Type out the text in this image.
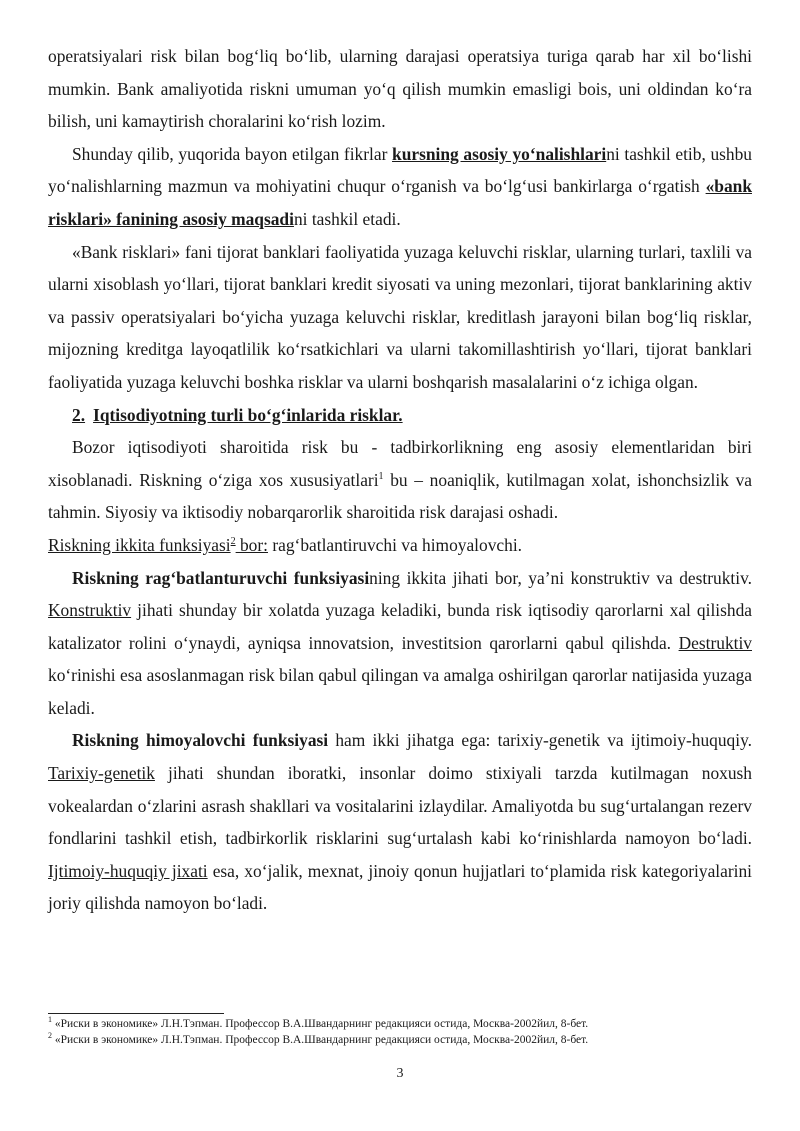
operatsiyalari risk bilan bog‘liq bo‘lib, ularning darajasi operatsiya turiga qarab har xil bo‘lishi mumkin. Bank amaliyotida riskni umuman yo‘q qilish mumkin emasligi bois, uni oldindan ko‘ra bilish, uni kamaytirish choralarini ko‘rish lozim.

Shunday qilib, yuqorida bayon etilgan fikrlar kursning asosiy yo‘nalishlarini tashkil etib, ushbu yo‘nalishlarning mazmun va mohiyatini chuqur o‘rganish va bo‘lg‘usi bankirlarga o‘rgatish «bank risklari» fanining asosiy maqsadini tashkil etadi.

«Bank risklari» fani tijorat banklari faoliyatida yuzaga keluvchi risklar, ularning turlari, taxlili va ularni xisoblash yo‘llari, tijorat banklari kredit siyosati va uning mezonlari, tijorat banklarining aktiv va passiv operatsiyalari bo‘yicha yuzaga keluvchi risklar, kreditlash jarayoni bilan bog‘liq risklar, mijozning kreditga layoqatlilik ko‘rsatkichlari va ularni takomillashtirish yo‘llari, tijorat banklari faoliyatida yuzaga keluvchi boshka risklar va ularni boshqarish masalalarini o‘z ichiga olgan.

2. Iqtisodiyotning turli bo‘g‘inlarida risklar.

Bozor iqtisodiyoti sharoitida risk bu - tadbirkorlikning eng asosiy elementlaridan biri xisoblanadi. Riskning o‘ziga xos xususiyatlari$^1$ bu – noaniqlik, kutilmagan xolat, ishonchsizlik va tahmin. Siyosiy va iktisodiy nobarqarorlik sharoitida risk darajasi oshadi.

Riskning ikkita funksiyasi$^2$ bor: rag‘batlantiruvchi va himoyalovchi.

Riskning rag‘batlanturuvchi funksiyasining ikkita jihati bor, ya’ni konstruktiv va destruktiv. Konstruktiv jihati shunday bir xolatda yuzaga keladiki, bunda risk iqtisodiy qarorlarni xal qilishda katalizator rolini o‘ynaydi, ayniqsa innovatsion, investitsion qarorlarni qabul qilishda. Destruktiv ko‘rinishi esa asoslanmagan risk bilan qabul qilingan va amalga oshirilgan qarorlar natijasida yuzaga keladi.

Riskning himoyalovchi funksiyasi ham ikki jihatga ega: tarixiy-genetik va ijtimoiy-huquqiy. Tarixiy-genetik jihati shundan iboratki, insonlar doimo stixiyali tarzda kutilmagan noxush vokealardan o‘zlarini asrash shakllari va vositalarini izlaydilar. Amaliyotda bu sug‘urtalangan rezerv fondlarini tashkil etish, tadbirkorlik risklarini sug‘urtalash kabi ko‘rinishlarda namoyon bo‘ladi. Ijtimoiy-huquqiy jixati esa, xo‘jalik, mexnat, jinoiy qonun hujjatlari to‘plamida risk kategoriyalarini joriy qilishda namoyon bo‘ladi.

$^1$ «Риски в экономике» Л.Н.Тэпман. Профессор В.А.Швандарнинг редакцияси остида, Москва-2002йил, 8-бет.

$^2$ «Риски в экономике» Л.Н.Тэпман. Профессор В.А.Швандарнинг редакцияси остида, Москва-2002йил, 8-бет.

3
